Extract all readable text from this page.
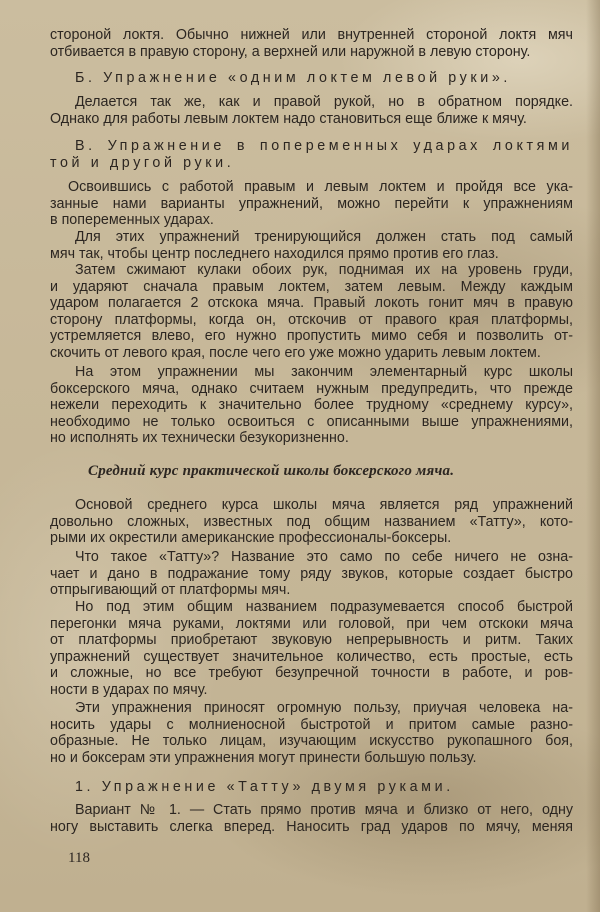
стороной локтя. Обычно нижней или внутренней стороной локтя мяч
отбивается в правую сторону, а верхней или наружной в левую сторону.
Б. Упражнение «одним локтем левой руки».
Делается так же, как и правой рукой, но в обратном порядке.
Однако для работы левым локтем надо становиться еще ближе к мячу.
В. Упражнение в попеременных ударах локтями
той и другой руки.
Освоившись с работой правым и левым локтем и пройдя все ука-
занные нами варианты упражнений, можно перейти к упражнениям
в попеременных ударах.
Для этих упражнений тренирующийся должен стать под самый
мяч так, чтобы центр последнего находился прямо против его глаз.
Затем сжимают кулаки обоих рук, поднимая их на уровень груди,
и ударяют сначала правым локтем, затем левым. Между каждым
ударом полагается 2 отскока мяча. Правый локоть гонит мяч в правую
сторону платформы, когда он, отскочив от правого края платформы,
устремляется влево, его нужно пропустить мимо себя и позволить от-
скочить от левого края, после чего его уже можно ударить левым локтем.
На этом упражнении мы закончим элементарный курс школы
боксерского мяча, однако считаем нужным предупредить, что прежде
нежели переходить к значительно более трудному «среднему курсу»,
необходимо не только освоиться с описанными выше упражнениями,
но исполнять их технически безукоризненно.
Средний курс практической школы боксерского мяча.
Основой среднего курса школы мяча является ряд упражнений
довольно сложных, известных под общим названием «Татту», кото-
рыми их окрестили американские профессионалы-боксеры.
Что такое «Татту»? Название это само по себе ничего не озна-
чает и дано в подражание тому ряду звуков, которые создает быстро
отпрыгивающий от платформы мяч.
Но под этим общим названием подразумевается способ быстрой
перегонки мяча руками, локтями или головой, при чем отскоки мяча
от платформы приобретают звуковую непрерывность и ритм. Таких
упражнений существует значительное количество, есть простые, есть
и сложные, но все требуют безупречной точности в работе, и ров-
ности в ударах по мячу.
Эти упражнения приносят огромную пользу, приучая человека на-
носить удары с молниеносной быстротой и притом самые разно-
образные. Не только лицам, изучающим искусство рукопашного боя,
но и боксерам эти упражнения могут принести большую пользу.
1. Упражнение «Татту» двумя руками.
Вариант № 1. — Стать прямо против мяча и близко от него, одну
ногу выставить слегка вперед. Наносить град ударов по мячу, меняя
118
